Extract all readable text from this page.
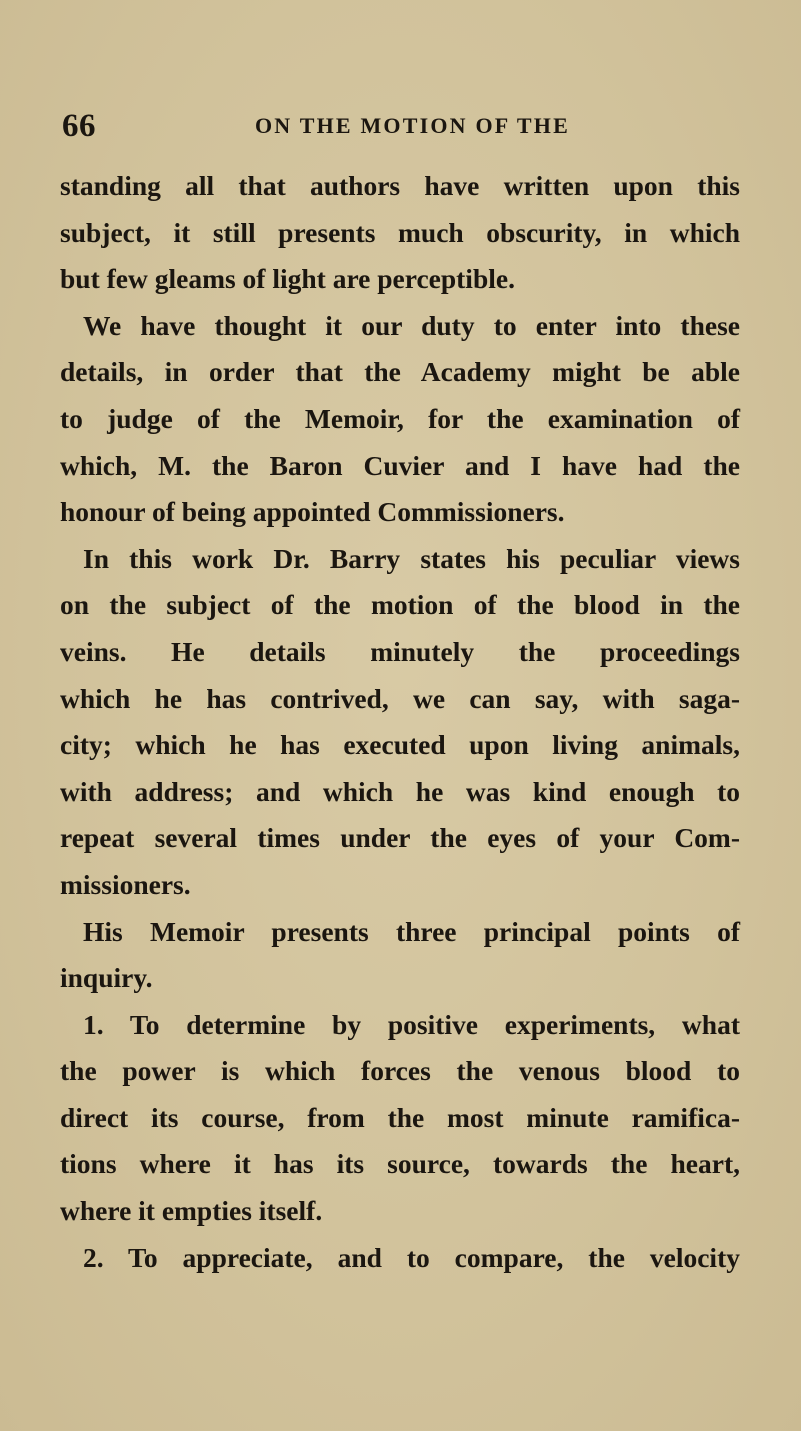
66	ON THE MOTION OF THE
standing all that authors have written upon this
subject, it still presents much obscurity, in which
but few gleams of light are perceptible.
We have thought it our duty to enter into these
details, in order that the Academy might be able
to judge of the Memoir, for the examination of
which, M. the Baron Cuvier and I have had the
honour of being appointed Commissioners.
In this work Dr. Barry states his peculiar views
on the subject of the motion of the blood in the
veins. He details minutely the proceedings
which he has contrived, we can say, with saga-
city; which he has executed upon living animals,
with address; and which he was kind enough to
repeat several times under the eyes of your Com-
missioners.
His Memoir presents three principal points of
inquiry.
1. To determine by positive experiments, what
the power is which forces the venous blood to
direct its course, from the most minute ramifica-
tions where it has its source, towards the heart,
where it empties itself.
2. To appreciate, and to compare, the velocity
